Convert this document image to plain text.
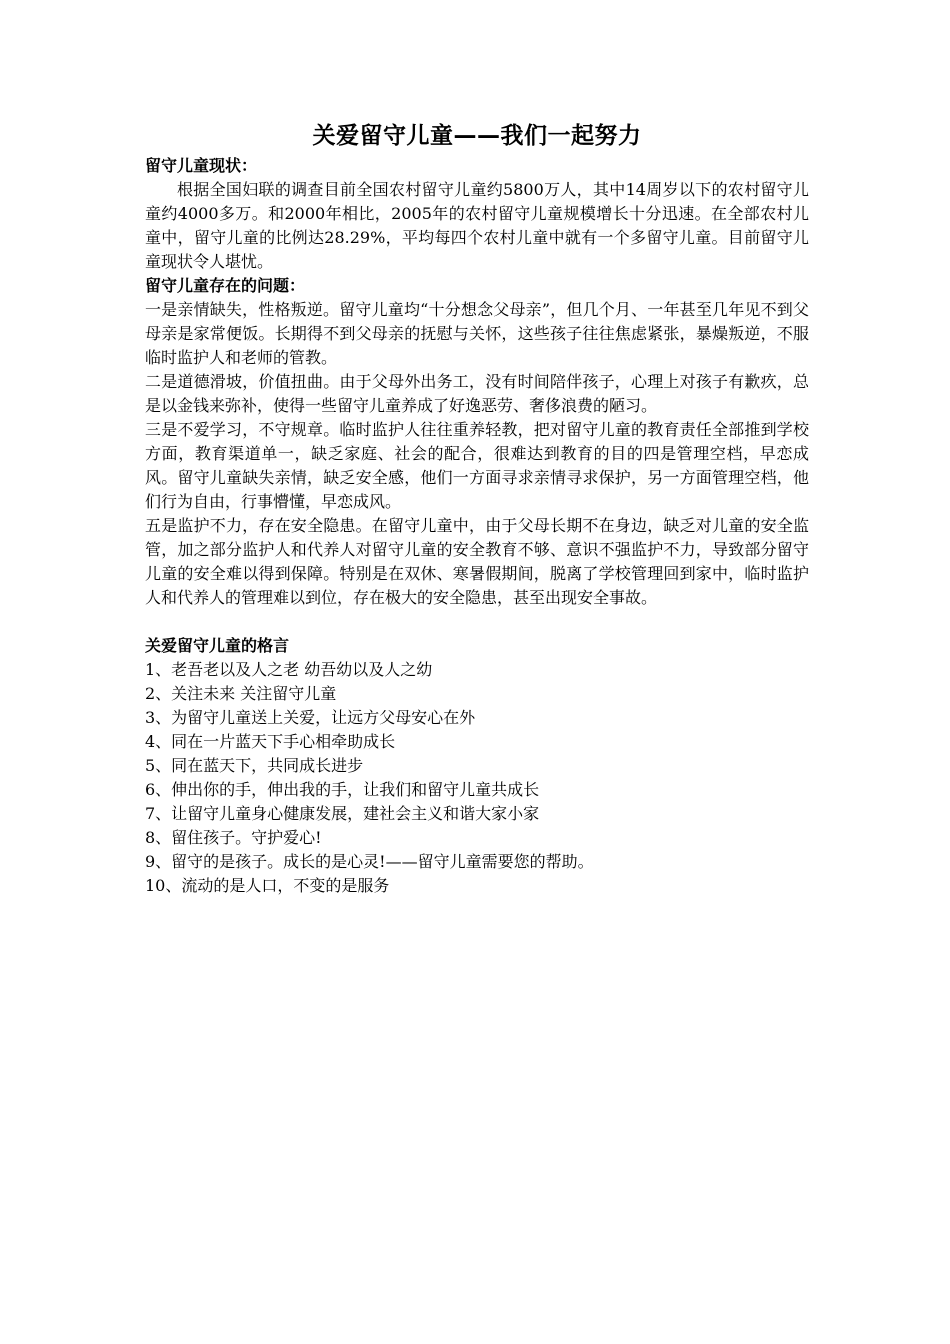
关爱留守儿童——我们一起努力

留守儿童现状：

根据全国妇联的调查目前全国农村留守儿童约5800万人，其中14周岁以下的农村留守儿童约4000多万。和2000年相比，2005年的农村留守儿童规模增长十分迅速。在全部农村儿童中，留守儿童的比例达28.29%，平均每四个农村儿童中就有一个多留守儿童。目前留守儿童现状令人堪忧。

留守儿童存在的问题：

一是亲情缺失，性格叛逆。留守儿童均“十分想念父母亲”，但几个月、一年甚至几年见不到父母亲是家常便饭。长期得不到父母亲的抚慰与关怀，这些孩子往往焦虑紧张，暴燥叛逆，不服临时监护人和老师的管教。

二是道德滑坡，价值扭曲。由于父母外出务工，没有时间陪伴孩子，心理上对孩子有歉疚，总是以金钱来弥补，使得一些留守儿童养成了好逸恶劳、奢侈浪费的陋习。

三是不爱学习，不守规章。临时监护人往往重养轻教，把对留守儿童的教育责任全部推到学校方面，教育渠道单一，缺乏家庭、社会的配合，很难达到教育的目的四是管理空档，早恋成风。留守儿童缺失亲情，缺乏安全感，他们一方面寻求亲情寻求保护，另一方面管理空档，他们行为自由，行事懵懂，早恋成风。

五是监护不力，存在安全隐患。在留守儿童中，由于父母长期不在身边，缺乏对儿童的安全监管，加之部分监护人和代养人对留守儿童的安全教育不够、意识不强监护不力，导致部分留守儿童的安全难以得到保障。特别是在双休、寒暑假期间，脱离了学校管理回到家中，临时监护人和代养人的管理难以到位，存在极大的安全隐患，甚至出现安全事故。

关爱留守儿童的格言

1、老吾老以及人之老 幼吾幼以及人之幼
2、关注未来 关注留守儿童
3、为留守儿童送上关爱，让远方父母安心在外
4、同在一片蓝天下手心相牵助成长
5、同在蓝天下，共同成长进步
6、伸出你的手，伸出我的手，让我们和留守儿童共成长
7、让留守儿童身心健康发展，建社会主义和谐大家小家
8、留住孩子。守护爱心!
9、留守的是孩子。成长的是心灵!——留守儿童需要您的帮助。
10、流动的是人口，不变的是服务
